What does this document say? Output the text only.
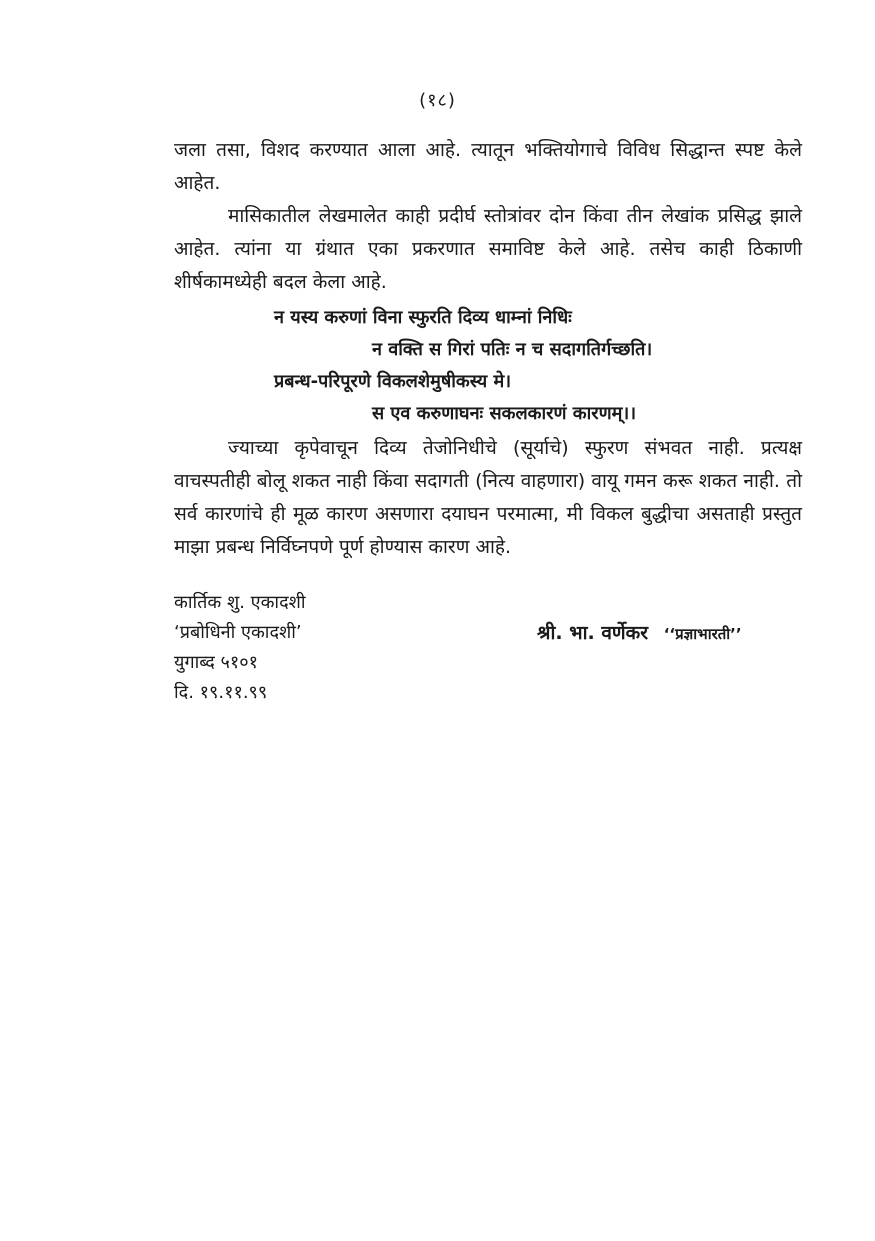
(१८)

जला तसा, विशद करण्यात आला आहे. त्यातून भक्तियोगाचे विविध सिद्धान्त स्पष्ट केले आहेत.

मासिकातील लेखमालेत काही प्रदीर्घ स्तोत्रांवर दोन किंवा तीन लेखांक प्रसिद्ध झाले आहेत. त्यांना या ग्रंथात एका प्रकरणात समाविष्ट केले आहे. तसेच काही ठिकाणी शीर्षकामध्येही बदल केला आहे.

न यस्य करुणां विना स्फुरति दिव्य धाम्नां निधिः
न वक्ति स गिरां पतिः न च सदागतिर्गच्छति।
प्रबन्ध-परिपूरणे विकलशेमुषीकस्य मे।
स एव करुणाघनः सकलकारणं कारणम्।।

ज्याच्या कृपेवाचून दिव्य तेजोनिधीचे (सूर्याचे) स्फुरण संभवत नाही. प्रत्यक्ष वाचस्पतीही बोलू शकत नाही किंवा सदागती (नित्य वाहणारा) वायू गमन करू शकत नाही. तो सर्व कारणांचे ही मूळ कारण असणारा दयाघन परमात्मा, मी विकल बुद्धीचा असताही प्रस्तुत माझा प्रबन्ध निर्विघ्नपणे पूर्ण होण्यास कारण आहे.

कार्तिक शु. एकादशी
‘प्रबोधिनी एकादशी’
युगाब्द ५१०१
दि. १९.११.९९
श्री. भा. वर्णेकर ‘‘प्रज्ञाभारती’’
